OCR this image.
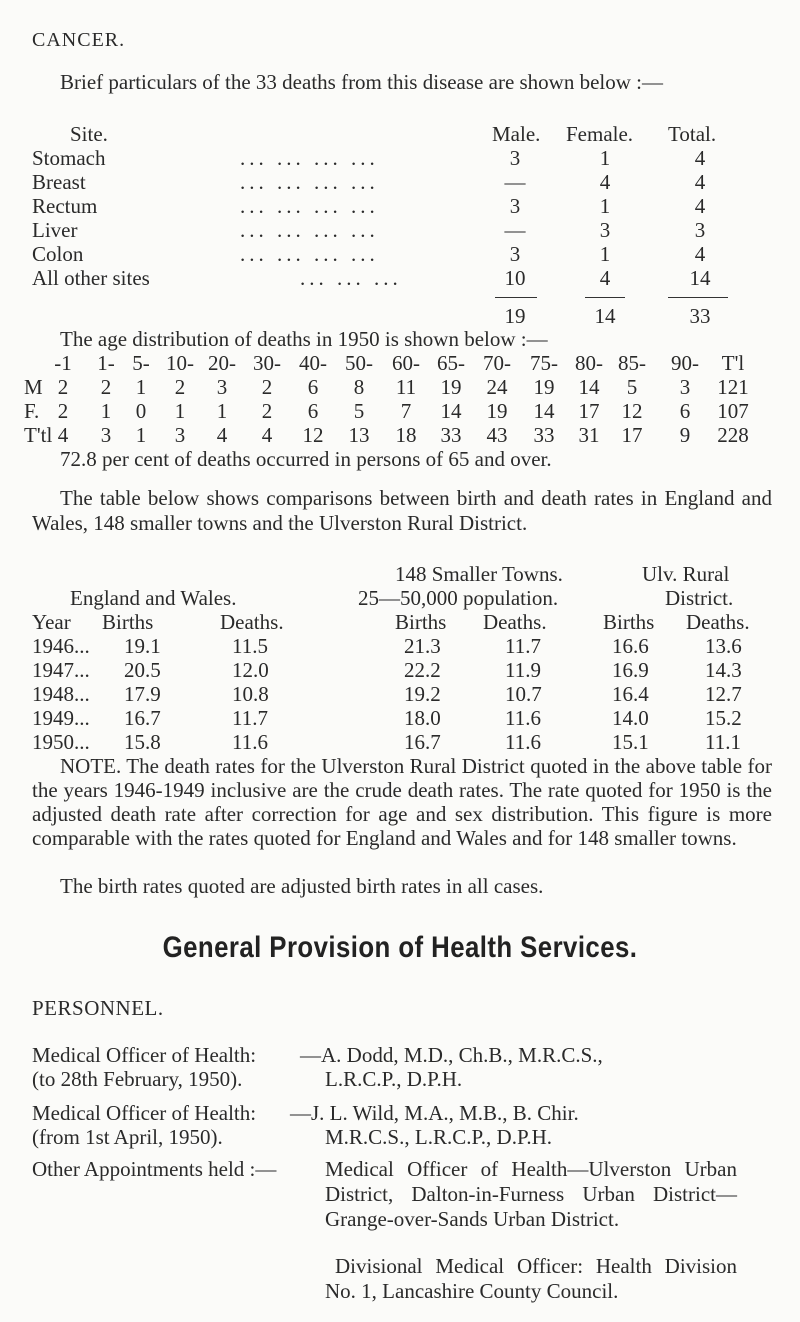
CANCER.
Brief particulars of the 33 deaths from this disease are shown below :—
Site.	Male. Female. Total.
Stomach	... ... ... ...	3	1	4
Breast	... ... ... ...	—	4	4
Rectum	... ... ... ...	3	1	4
Liver	... ... ... ...	—	3	3
Colon	... ... ... ...	3	1	4
All other sites	... ... ...	10	4	14
19	14	33
The age distribution of deaths in 1950 is shown below :—
-1	1- 5- 10- 20- 30- 40- 50- 60- 65- 70- 75- 80- 85-	90-	T'l
M 2	2	1	2	3	2	6	8	11	19	24	19	14	5	3	121
F. 2	1	0	1	1	2	6	5	7	14	19	14	17	12	6	107
T'tl 4	3	1	3	4	4	12	13	18	33	43	33	31	17	9	228
72.8 per cent of deaths occurred in persons of 65 and over.
The table below shows comparisons between birth and death rates in England and Wales, 148 smaller towns and the Ulverston Rural District.
148 Smaller Towns.	Ulv. Rural
England and Wales.	25—50,000 population.	District.
Year Births	Deaths.	Births Deaths.	Births Deaths.
1946... 19.1	11.5	21.3	11.7	16.6	13.6
1947... 20.5	12.0	22.2	11.9	16.9	14.3
1948... 17.9	10.8	19.2	10.7	16.4	12.7
1949... 16.7	11.7	18.0	11.6	14.0	15.2
1950... 15.8	11.6	16.7	11.6	15.1	11.1
NOTE. The death rates for the Ulverston Rural District quoted in the above table for the years 1946-1949 inclusive are the crude death rates. The rate quoted for 1950 is the adjusted death rate after correction for age and sex distribution. This figure is more comparable with the rates quoted for England and Wales and for 148 smaller towns.
The birth rates quoted are adjusted birth rates in all cases.
General Provision of Health Services.
PERSONNEL.
Medical Officer of Health: —A. Dodd, M.D., Ch.B., M.R.C.S.,
(to 28th February, 1950).	L.R.C.P., D.P.H.
Medical Officer of Health: —J. L. Wild, M.A., M.B., B. Chir.
(from 1st April, 1950).	M.R.C.S., L.R.C.P., D.P.H.
Other Appointments held :— Medical Officer of Health—Ulverston Urban District, Dalton-in-Furness Urban District—Grange-over-Sands Urban District.
Divisional Medical Officer: Health Division No. 1, Lancashire County Council.
